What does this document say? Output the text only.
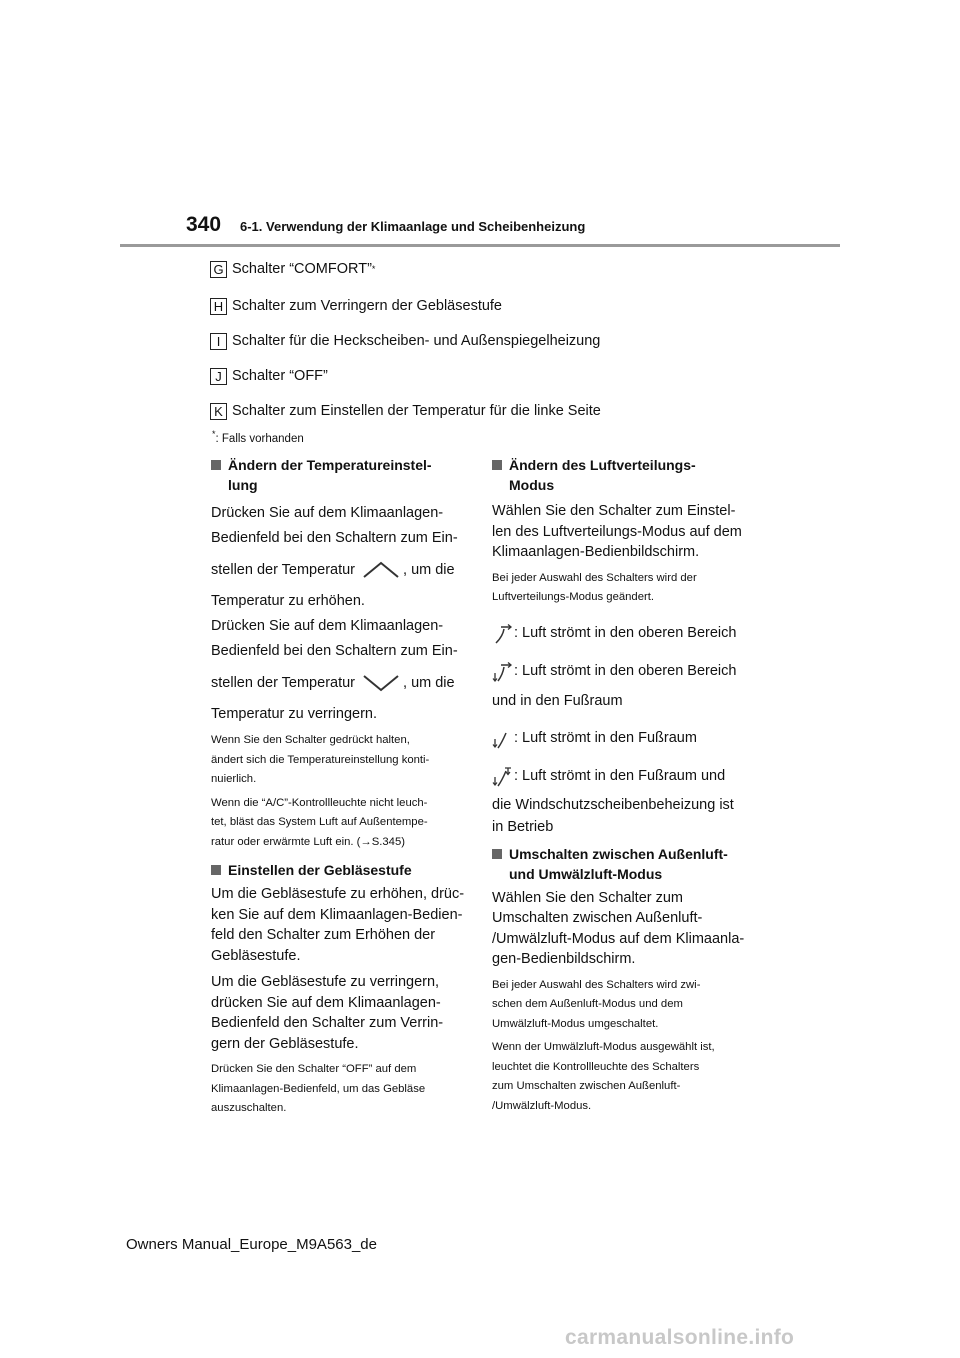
340 6-1. Verwendung der Klimaanlage und Scheibenheizung
G Schalter “COMFORT” *
H Schalter zum Verringern der Gebläsestufe
I Schalter für die Heckscheiben- und Außenspiegelheizung
J Schalter “OFF”
K Schalter zum Einstellen der Temperatur für die linke Seite
*: Falls vorhanden
Ändern der Temperatureinstel-
lung
Drücken Sie auf dem Klimaanlagen-
Bedienfeld bei den Schaltern zum Ein-
stellen der Temperatur	, um die
Temperatur zu erhöhen.
Drücken Sie auf dem Klimaanlagen-
Bedienfeld bei den Schaltern zum Ein-
stellen der Temperatur	, um die
Temperatur zu verringern.
Wenn Sie den Schalter gedrückt halten,
ändert sich die Temperatureinstellung konti-
nuierlich.
Wenn die “A/C”-Kontrollleuchte nicht leuch-
tet, bläst das System Luft auf Außentempe-
ratur oder erwärmte Luft ein. (→S.345)
Einstellen der Gebläsestufe
Um die Gebläsestufe zu erhöhen, drüc-
ken Sie auf dem Klimaanlagen-Bedien-
feld den Schalter zum Erhöhen der
Gebläsestufe.
Um die Gebläsestufe zu verringern,
drücken Sie auf dem Klimaanlagen-
Bedienfeld den Schalter zum Verrin-
gern der Gebläsestufe.
Drücken Sie den Schalter “OFF” auf dem
Klimaanlagen-Bedienfeld, um das Gebläse
auszuschalten.
Ändern des Luftverteilungs-
Modus
Wählen Sie den Schalter zum Einstel-
len des Luftverteilungs-Modus auf dem
Klimaanlagen-Bedienbildschirm.
Bei jeder Auswahl des Schalters wird der
Luftverteilungs-Modus geändert.
: Luft strömt in den oberen Bereich
: Luft strömt in den oberen Bereich
und in den Fußraum
: Luft strömt in den Fußraum
: Luft strömt in den Fußraum und
die Windschutzscheibenbeheizung ist
in Betrieb
Umschalten zwischen Außenluft-
und Umwälzluft-Modus
Wählen Sie den Schalter zum
Umschalten zwischen Außenluft-
/Umwälzluft-Modus auf dem Klimaanla-
gen-Bedienbildschirm.
Bei jeder Auswahl des Schalters wird zwi-
schen dem Außenluft-Modus und dem
Umwälzluft-Modus umgeschaltet.
Wenn der Umwälzluft-Modus ausgewählt ist,
leuchtet die Kontrollleuchte des Schalters
zum Umschalten zwischen Außenluft-
/Umwälzluft-Modus.
Owners Manual_Europe_M9A563_de
carmanualsonline.info
